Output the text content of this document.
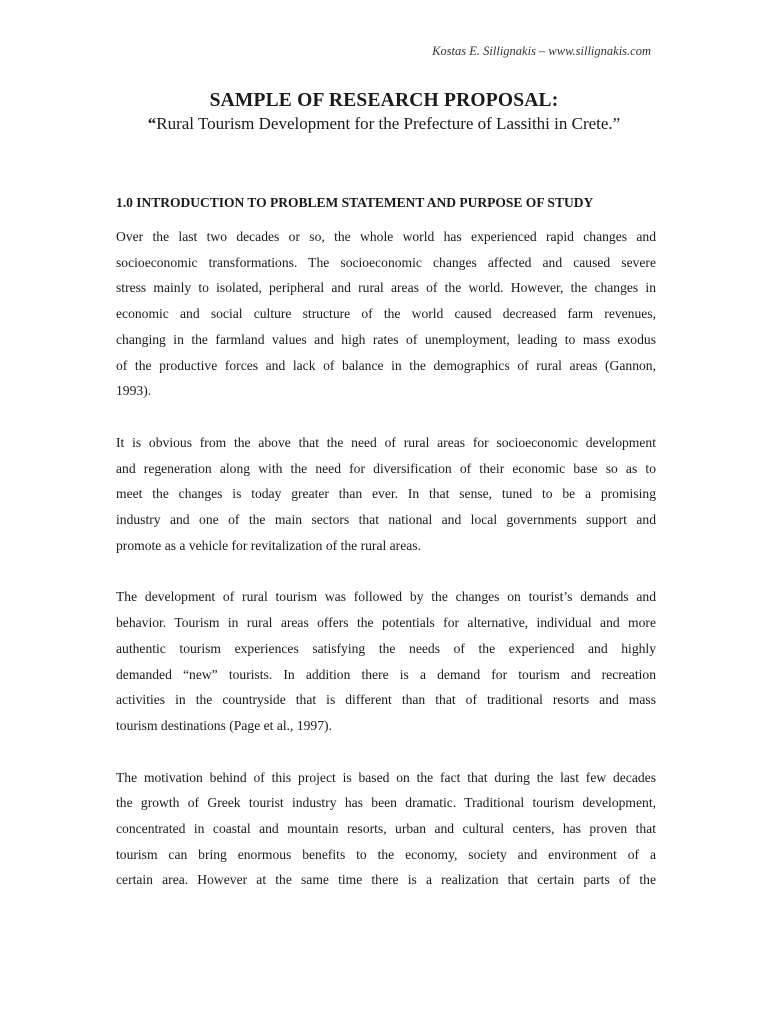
Kostas E. Sillignakis – www.sillignakis.com
SAMPLE OF RESEARCH PROPOSAL:

“Rural Tourism Development for the Prefecture of Lassithi in Crete.”

1.0 INTRODUCTION TO PROBLEM STATEMENT AND PURPOSE OF STUDY

Over the last two decades or so, the whole world has experienced rapid changes and
socioeconomic transformations. The socioeconomic changes affected and caused severe
stress mainly to isolated, peripheral and rural areas of the world. However, the changes in
economic and social culture structure of the world caused decreased farm revenues,
changing in the farmland values and high rates of unemployment, leading to mass exodus
of the productive forces and lack of balance in the demographics of rural areas (Gannon,
1993).

It is obvious from the above that the need of rural areas for socioeconomic development
and regeneration along with the need for diversification of their economic base so as to
meet the changes is today greater than ever. In that sense, tuned to be a promising
industry and one of the main sectors that national and local governments support and
promote as a vehicle for revitalization of the rural areas.

The development of rural tourism was followed by the changes on tourist’s demands and
behavior. Tourism in rural areas offers the potentials for alternative, individual and more
authentic tourism experiences satisfying the needs of the experienced and highly
demanded “new” tourists. In addition there is a demand for tourism and recreation
activities in the countryside that is different than that of traditional resorts and mass
tourism destinations (Page et al., 1997).

The motivation behind of this project is based on the fact that during the last few decades
the growth of Greek tourist industry has been dramatic. Traditional tourism development,
concentrated in coastal and mountain resorts, urban and cultural centers, has proven that
tourism can bring enormous benefits to the economy, society and environment of a
certain area. However at the same time there is a realization that certain parts of the
